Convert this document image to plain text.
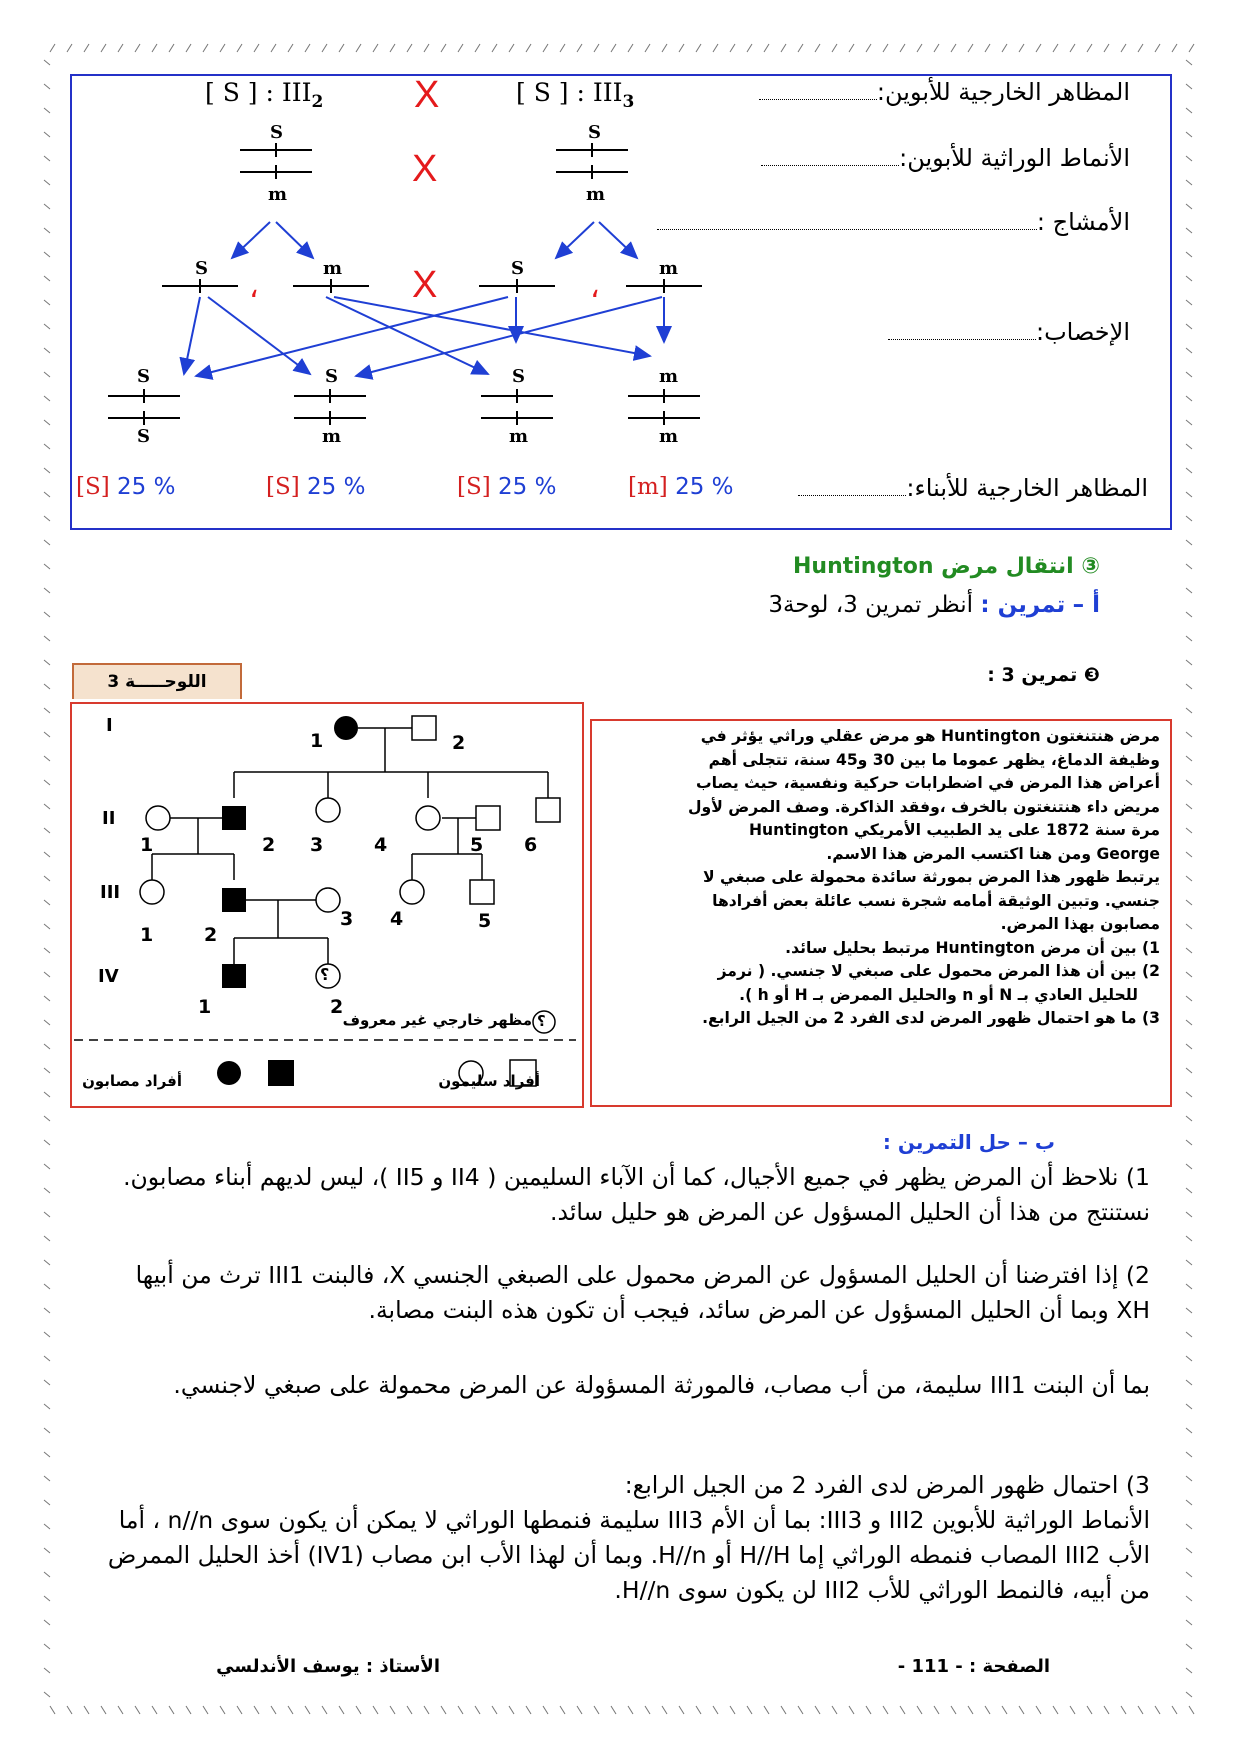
المظاهر الخارجية للأبوين:
الأنماط الوراثية للأبوين:
الأمشاج :
الإخصاب:
المظاهر الخارجية للأبناء:
[ S ] : $III_2$	[ S ] : $III_3$
X
X
X
،	،
S
m
S
m
S	m	S	m
S
S
S
m
S
m
m
m
[S] 25 %	[S] 25 %	[S] 25 %	[m] 25 %
③ انتقال مرض Huntington
أ – تمرين : أنظر تمرين 3، لوحة3
❸ تمرين 3 :
اللوحـــــة 3
I
II
III
IV
1	2
1	2 3	4	5 6
1	2
3 4	5
1	2
؟
؟
مظهر خارجي غير معروف
أفراد سليمون
أفراد مصابون

مرض هنتنغتون Huntington هو مرض عقلي وراثي يؤثر في

وظيفة الدماغ، يظهر عموما ما بين 30 و45 سنة، تتجلى أهم

أعراض هذا المرض في اضطرابات حركية ونفسية، حيث يصاب

مريض داء هنتنغتون بالخرف ،وفقد الذاكرة. وصف المرض لأول

مرة سنة 1872 على يد الطبيب الأمريكي Huntington

George ومن هنا اكتسب المرض هذا الاسم.

يرتبط ظهور هذا المرض بمورثة سائدة محمولة على صبغي لا

جنسي. وتبين الوثيقة أمامه شجرة نسب عائلة بعض أفرادها

مصابون بهذا المرض.

1) بين أن مرض Huntington مرتبط بحليل سائد.

2) بين أن هذا المرض محمول على صبغي لا جنسي. ( نرمز

للحليل العادي بـ N أو n والحليل الممرض بـ H أو h ).

3) ما هو احتمال ظهور المرض لدى الفرد 2 من الجيل الرابع.

ب – حل التمرين :
1) نلاحظ أن المرض يظهر في جميع الأجيال، كما أن الآباء السليمين ( II4 و II5 )، ليس لديهم أبناء مصابون. نستنتج من هذا أن الحليل المسؤول عن المرض هو حليل سائد.
2) إذا افترضنا أن الحليل المسؤول عن المرض محمول على الصبغي الجنسي X، فالبنت III1 ترث من أبيها XH وبما أن الحليل المسؤول عن المرض سائد، فيجب أن تكون هذه البنت مصابة.
بما أن البنت III1 سليمة، من أب مصاب، فالمورثة المسؤولة عن المرض محمولة على صبغي لاجنسي.
3) احتمال ظهور المرض لدى الفرد 2 من الجيل الرابع:
الأنماط الوراثية للأبوين III2 و III3: بما أن الأم III3 سليمة فنمطها الوراثي لا يمكن أن يكون سوى n//n ، أما الأب III2 المصاب فنمطه الوراثي إما H//H أو H//n. وبما أن لهذا الأب ابن مصاب (IV1) أخذ الحليل الممرض من أبيه، فالنمط الوراثي للأب III2 لن يكون سوى H//n.
الصفحة : - 111 -
الأستاذ : يوسف الأندلسي
